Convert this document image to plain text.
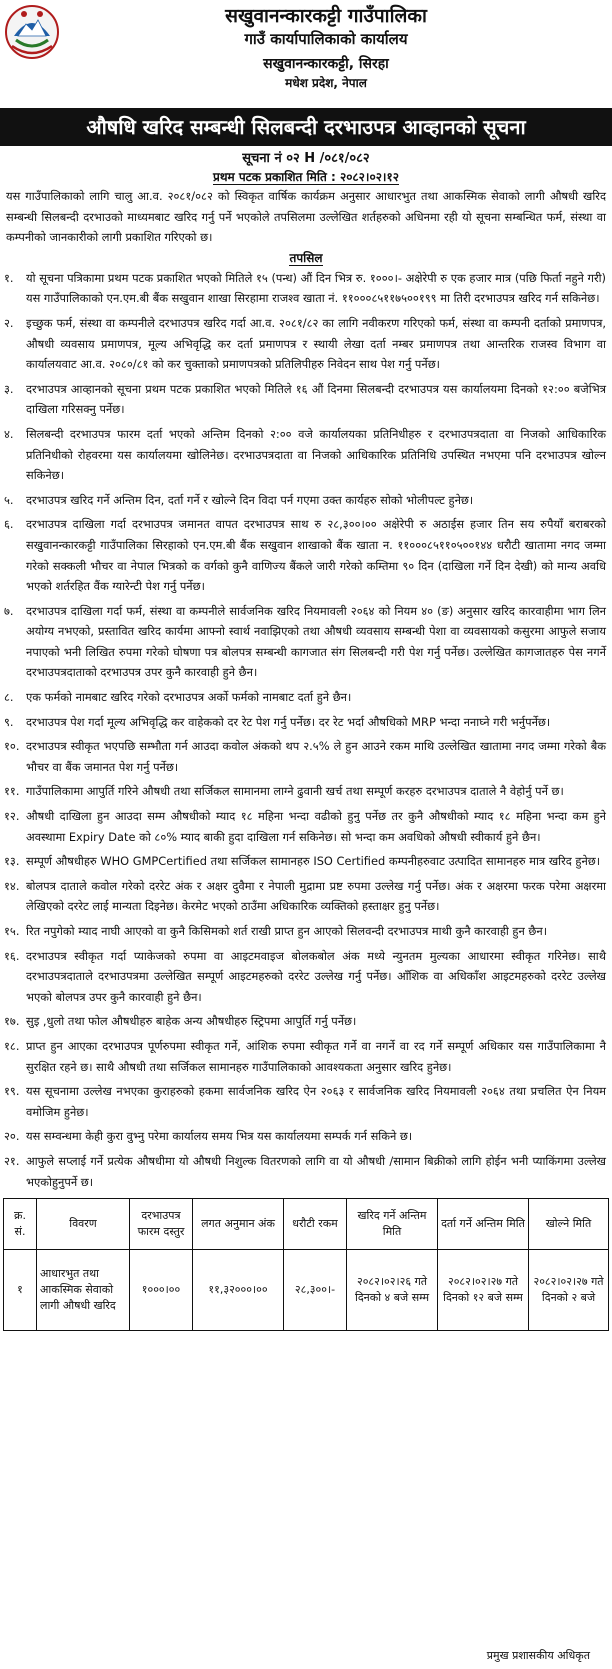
सखुवानन्कारकट्टी गाउँपालिका
गाउँ कार्यापालिकाको कार्यालय
सखुवानन्कारकट्टी, सिरहा
मधेश प्रदेश, नेपाल
औषधि खरिद सम्बन्धी सिलबन्दी दरभाउपत्र आव्हानको सूचना
सूचना नं ०२ H /०८१/०८२
प्रथम पटक प्रकाशित मिति : २०८२।०२।१२
यस गाउँपालिकाको लागि चालु आ.व. २०८१/०८२ को स्विकृत वार्षिक कार्यक्रम अनुसार आधारभुत तथा आकस्मिक सेवाको लागी औषधी खरिद सम्बन्धी सिलबन्दी दरभाउको माध्यमबाट खरिद गर्नु पर्ने भएकोले तपसिलमा उल्लेखित शर्तहरुको अधिनमा रही यो सूचना सम्बन्धित फर्म, संस्था वा कम्पनीको जानकारीको लागी प्रकाशित गरिएको छ।
तपसिल
१.	यो सूचना पत्रिकामा प्रथम पटक प्रकाशित भएको मितिले १५ (पन्ध) औं दिन भित्र रु. १०००।- अक्षेरेपी रु एक हजार मात्र (पछि फिर्ता नहुने गरी) यस गाउँपालिकाको एन.एम.बी बैंक सखुवान शाखा सिरहामा राजश्व खाता नं. ११०००८५११७५००१९९ मा तिरी दरभाउपत्र खरिद गर्न सकिनेछ।
२.	इच्छुक फर्म, संस्था वा कम्पनीले दरभाउपत्र खरिद गर्दा आ.व. २०८१/८२ का लागि नवीकरण गरिएको फर्म, संस्था वा कम्पनी दर्ताको प्रमाणपत्र, औषधी व्यवसाय प्रमाणपत्र, मूल्य अभिवृद्धि कर दर्ता प्रमाणपत्र र स्थायी लेखा दर्ता नम्बर प्रमाणपत्र तथा आन्तरिक राजस्व विभाग वा कार्यालयवाट आ.व. २०८०/८१ को कर चुक्ताको प्रमाणपत्रको प्रतिलिपीहरु निवेदन साथ पेश गर्नु पर्नेछ।
३.	दरभाउपत्र आव्हानको सूचना प्रथम पटक प्रकाशित भएको मितिले १६ औं दिनमा सिलबन्दी दरभाउपत्र यस कार्यालयमा दिनको १२:०० बजेभित्र दाखिला गरिसक्नु पर्नेछ।
४.	सिलबन्दी दरभाउपत्र फारम दर्ता भएको अन्तिम दिनको २:०० वजे कार्यालयका प्रतिनिधीहरु र दरभाउपत्रदाता वा निजको आधिकारिक प्रतिनिधीको रोहवरमा यस कार्यालयमा खोलिनेछ। दरभाउपत्रदाता वा निजको आधिकारिक प्रतिनिधि उपस्थित नभएमा पनि दरभाउपत्र खोल्न सकिनेछ।
५.	दरभाउपत्र खरिद गर्ने अन्तिम दिन, दर्ता गर्ने र खोल्ने दिन विदा पर्न गएमा उक्त कार्यहरु सोको भोलीपल्ट हुनेछ।
६.	दरभाउपत्र दाखिला गर्दा दरभाउपत्र जमानत वापत दरभाउपत्र साथ रु २८,३००।०० अक्षेरेपी रु अठाईस हजार तिन सय रुपैयाँ बराबरको सखुवानन्कारकट्टी गाउँपालिका सिरहाको एन.एम.बी बैंक सखुवान शाखाको बैंक खाता न. ११०००८५११०५००१४४ धरौटी खातामा नगद जम्मा गरेको सक्कली भौचर वा नेपाल भित्रको क वर्गको कुनै वाणिज्य बैंकले जारी गरेको कम्तिमा ९० दिन (दाखिला गर्ने दिन देखी) को मान्य अवधि भएको शर्तरहित वैंक ग्यारेन्टी पेश गर्नु पर्नेछ।
७.	दरभाउपत्र दाखिला गर्दा फर्म, संस्था वा कम्पनीले सार्वजनिक खरिद नियमावली २०६४ को नियम ४० (ङ) अनुसार खरिद कारवाहीमा भाग लिन अयोग्य नभएको, प्रस्तावित खरिद कार्यमा आफ्नो स्वार्थ नवाझिएको तथा औषधी व्यवसाय सम्बन्धी पेशा वा व्यवसायको कसुरमा आफुले सजाय नपाएको भनी लिखित रुपमा गरेको घोषणा पत्र बोलपत्र सम्बन्धी कागजात संग सिलबन्दी गरी पेश गर्नु पर्नेछ। उल्लेखित कागजातहरु पेस नगर्ने दरभाउपत्रदाताको दरभाउपत्र उपर कुनै कारवाही हुने छैन।
८.	एक फर्मको नामबाट खरिद गरेको दरभाउपत्र अर्को फर्मको नामबाट दर्ता हुने छैन।
९.	दरभाउपत्र पेश गर्दा मूल्य अभिवृद्धि कर वाहेकको दर रेट पेश गर्नु पर्नेछ। दर रेट भर्दा औषधिको MRP भन्दा ननाघ्ने गरी भर्नुपर्नेछ।
१०. दरभाउपत्र स्वीकृत भएपछि सम्भौता गर्न आउदा कवोल अंकको थप २.५% ले हुन आउने रकम माथि उल्लेखित खातामा नगद जम्मा गरेको बैक भौचर वा बैंक जमानत पेश गर्नु पर्नेछ।
११. गाउँपालिकामा आपुर्ति गरिने औषधी तथा सर्जिकल सामानमा लाग्ने ढुवानी खर्च तथा सम्पूर्ण करहरु दरभाउपत्र दाताले नै वेहोर्नु पर्ने छ।
१२. औषधी दाखिला हुन आउदा सम्म औषधीको म्याद १८ महिना भन्दा वढीको हुनु पर्नेछ तर कुनै औषधीको म्याद १८ महिना भन्दा कम हुने अवस्थामा Expiry Date को ८०% म्याद बाकी हुदा दाखिला गर्न सकिनेछ। सो भन्दा कम अवधिको औषधी स्वीकार्य हुने छैन।
१३. सम्पूर्ण औषधीहरु WHO GMPCertified तथा सर्जिकल सामानहरु ISO Certified कम्पनीहरुवाट उत्पादित सामानहरु मात्र खरिद हुनेछ।
१४. बोलपत्र दाताले कवोल गरेको दररेट अंक र अक्षर दुवैमा र नेपाली मुद्रामा प्रष्ट रुपमा उल्लेख गर्नु पर्नेछ। अंक र अक्षरमा फरक परेमा अक्षरमा लेखिएको दररेट लाई मान्यता दिइनेछ। केरमेट भएको ठाउँमा अधिकारिक व्यक्तिको हस्ताक्षर हुनु पर्नेछ।
१५. रित नपुगेको म्याद नाघी आएको वा कुनै किसिमको शर्त राखी प्राप्त हुन आएको सिलवन्दी दरभाउपत्र माथी कुनै कारवाही हुन छैन।
१६. दरभाउपत्र स्वीकृत गर्दा प्याकेजको रुपमा वा आइटमवाइज बोलकबोल अंक मध्ये न्युनतम मुल्यका आधारमा स्वीकृत गरिनेछ। साथै दरभाउपत्रदाताले दरभाउपत्रमा उल्लेखित सम्पूर्ण आइटमहरुको दररेट उल्लेख गर्नु पर्नेछ। आँशिक वा अधिकाँश आइटमहरुको दररेट उल्लेख भएको बोलपत्र उपर कुनै कारवाही हुने छैन।
१७. सुइ ,धुलो तथा फोल औषधीहरु बाहेक अन्य औषधीहरु स्ट्रिपमा आपुर्ति गर्नु पर्नेछ।
१८. प्राप्त हुन आएका दरभाउपत्र पूर्णरुपमा स्वीकृत गर्ने, आंशिक रुपमा स्वीकृत गर्ने वा नगर्ने वा रद गर्ने सम्पूर्ण अधिकार यस गाउँपालिकामा नै सुरक्षित रहने छ। साथै औषधी तथा सर्जिकल सामानहरु गाउँपालिकाको आवश्यकता अनुसार खरिद हुनेछ।
१९. यस सूचनामा उल्लेख नभएका कुराहरुको हकमा सार्वजनिक खरिद ऐन २०६३ र सार्वजनिक खरिद नियमावली २०६४ तथा प्रचलित ऐन नियम वमोजिम हुनेछ।
२०. यस सम्वन्धमा केही कुरा वुभ्नु परेमा कार्यालय समय भित्र यस कार्यालयमा सम्पर्क गर्न सकिने छ।
२१. आफुले सप्लाई गर्ने प्रत्येक औषधीमा यो औषधी निशुल्क वितरणको लागि वा यो औषधी /सामान बिक्रीको लागि होईन भनी प्याकिंगमा उल्लेख भएकोहुनुपर्ने छ।
क्र. सं.	विवरण	दरभाउपत्र फारम दस्तुर	लगत अनुमान अंक	धरौटी रकम	खरिद गर्ने अन्तिम मिति	दर्ता गर्ने अन्तिम मिति	खोल्ने मिति
१	आधारभुत तथा आकस्मिक सेवाको लागी औषधी खरिद	१०००।००	११,३२०००।००	२८,३००।-	२०८२।०२।२६ गते दिनको ४ बजे सम्म	२०८२।०२।२७ गते दिनको १२ बजे सम्म	२०८२।०२।२७ गते दिनको २ बजे
प्रमुख प्रशासकीय अधिकृत
